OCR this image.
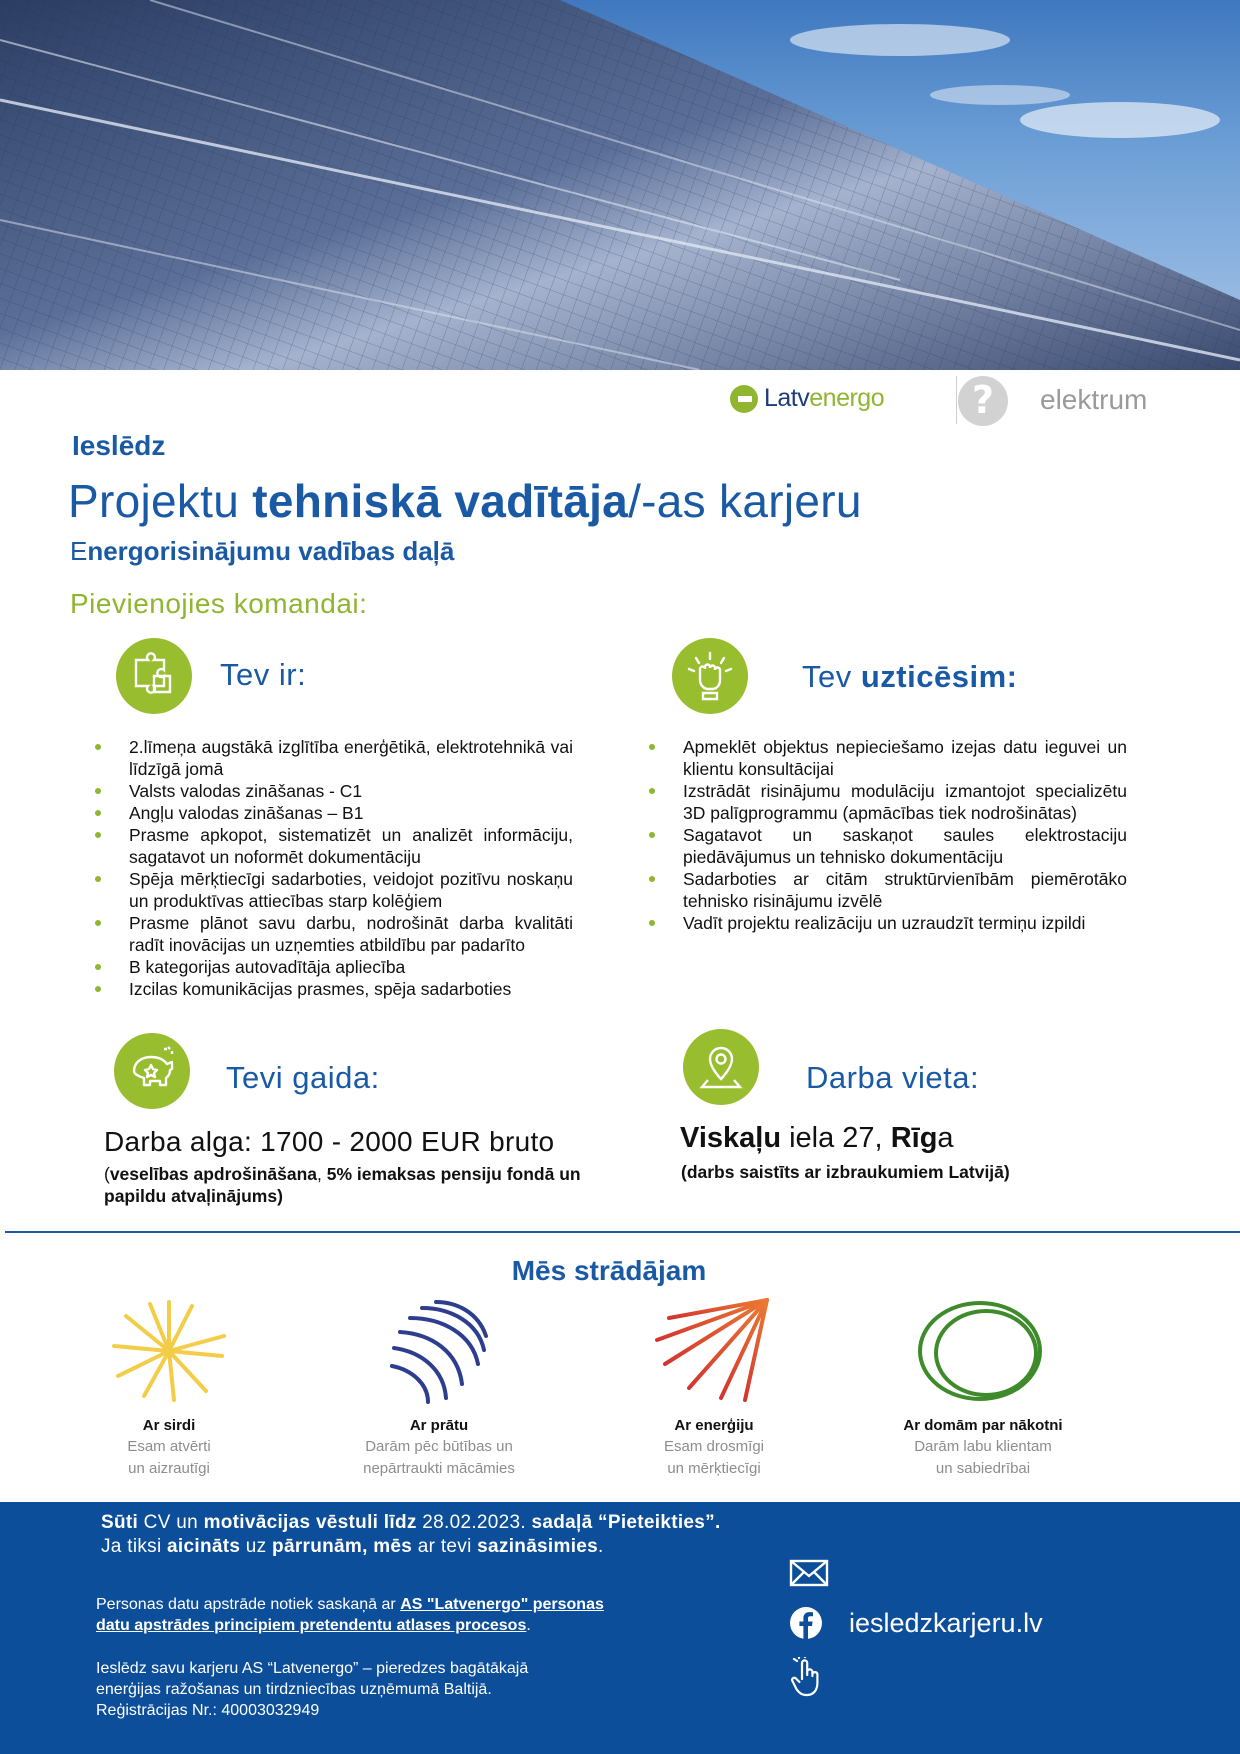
Latvenergo
?	elektrum
Ieslēdz
Projektu tehniskā vadītāja/-as karjeru
Energorisinājumu vadības daļā
Pievienojies komandai:
Tev ir:
2.līmeņa augstākā izglītība enerģētikā, elektrotehnikā vai līdzīgā jomā
Valsts valodas zināšanas - C1
Angļu valodas zināšanas – B1
Prasme apkopot, sistematizēt un analizēt informāciju, sagatavot un noformēt dokumentāciju
Spēja mērķtiecīgi sadarboties, veidojot pozitīvu noskaņu un produktīvas attiecības starp kolēģiem
Prasme plānot savu darbu, nodrošināt darba kvalitāti radīt inovācijas un uzņemties atbildību par padarīto
B kategorijas autovadītāja apliecība
Izcilas komunikācijas prasmes, spēja sadarboties
Tev uzticēsim:
Apmeklēt objektus nepieciešamo izejas datu ieguvei un klientu konsultācijai
Izstrādāt risinājumu modulāciju izmantojot specializētu 3D palīgprogrammu (apmācības tiek nodrošinātas)
Sagatavot un saskaņot saules elektrostaciju piedāvājumus un tehnisko dokumentāciju
Sadarboties ar citām struktūrvienībām piemērotāko tehnisko risinājumu izvēlē
Vadīt projektu realizāciju un uzraudzīt termiņu izpildi
Tevi gaida:
Darba alga: 1700 - 2000 EUR bruto
(veselības apdrošināšana, 5% iemaksas pensiju fondā un papildu atvaļinājums)
Darba vieta:
Viskaļu iela 27, Rīga
(darbs saistīts ar izbraukumiem Latvijā)
Mēs strādājam
Ar sirdi
Esam atvērti
un aizrautīgi
Ar prātu
Darām pēc būtības un
nepārtraukti mācāmies
Ar enerģiju
Esam drosmīgi
un mērķtiecīgi
Ar domām par nākotni
Darām labu klientam
un sabiedrībai
Sūti CV un motivācijas vēstuli līdz 28.02.2023. sadaļā “Pieteikties”.
Ja tiksi aicināts uz pārrunām, mēs ar tevi sazināsimies.
Personas datu apstrāde notiek saskaņā ar AS "Latvenergo" personas
datu apstrādes principiem pretendentu atlases procesos.
Ieslēdz savu karjeru AS “Latvenergo” – pieredzes bagātākajā
enerģijas ražošanas un tirdzniecības uzņēmumā Baltijā.
Reģistrācijas Nr.: 40003032949
iesledzkarjeru.lv
